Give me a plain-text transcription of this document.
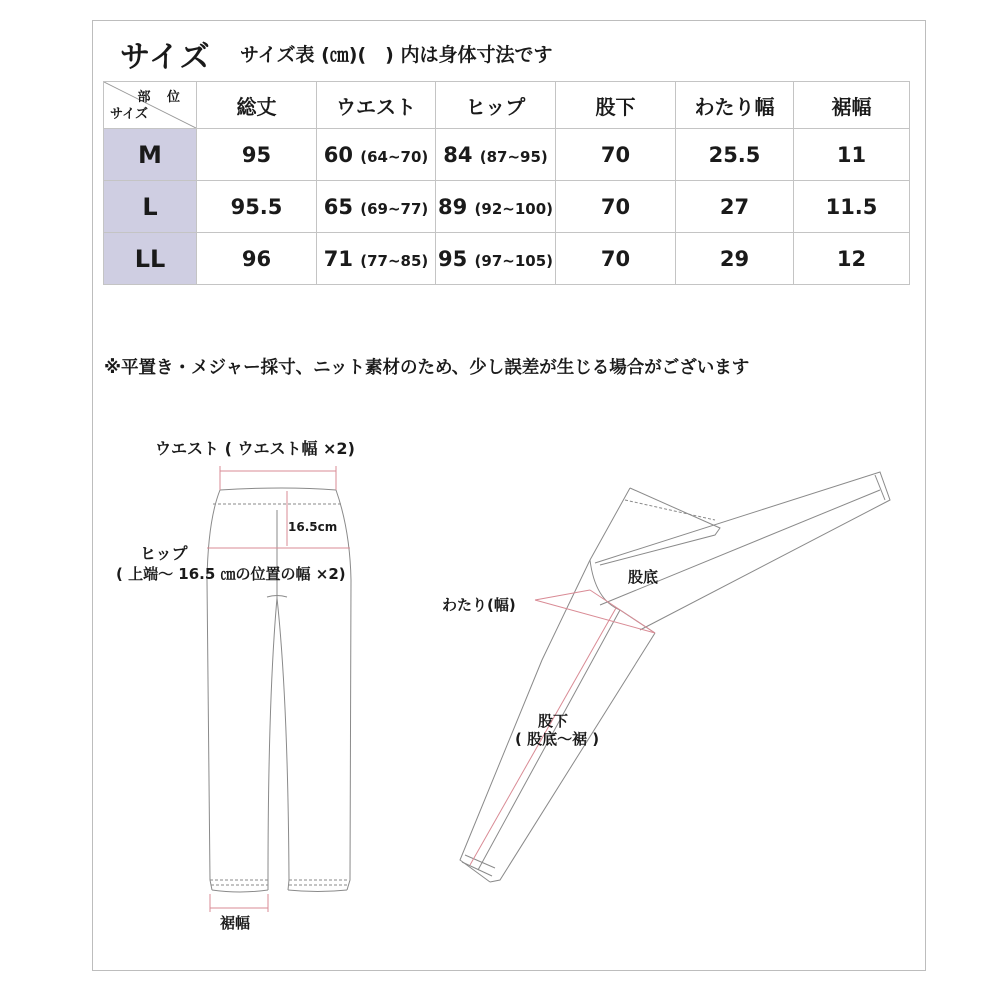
サイズ サイズ表 (㎝)(　) 内は身体寸法です
部 位
サイズ	総丈	ウエスト	ヒップ	股下	わたり幅	裾幅
M	95	60 (64~70)	84 (87~95)	70	25.5	11
L	95.5	65 (69~77)	89 (92~100)	70	27	11.5
LL	96	71 (77~85)	95 (97~105)	70	29	12
※平置き・メジャー採寸、ニット素材のため、少し誤差が生じる場合がございます
ウエスト ( ウエスト幅 ×2)
16.5cm
ヒップ
( 上端～ 16.5 ㎝の位置の幅 ×2)
裾幅
股底
わたり(幅)
股下
( 股底～裾 )
